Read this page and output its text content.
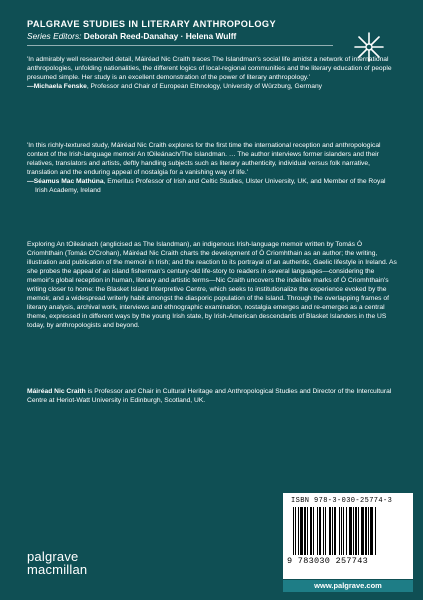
PALGRAVE STUDIES IN LITERARY ANTHROPOLOGY
Series Editors: Deborah Reed-Danahay · Helena Wulff
'In admirably well researched detail, Máiréad Nic Craith traces The Islandman's social life amidst a network of international anthropologies, unfolding nationalities, the different logics of local-regional communities and the literary education of people presumed simple. Her study is an excellent demonstration of the power of literary anthropology.'
—Michaela Fenske, Professor and Chair of European Ethnology, University of Würzburg, Germany
'In this richly-textured study, Máiréad Nic Craith explores for the first time the international reception and anthropological context of the Irish-language memoir An tOileánach/The Islandman. … The author interviews former islanders and their relatives, translators and artists, deftly handling subjects such as literary authenticity, individual versus folk narrative, translation and the enduring appeal of nostalgia for a vanishing way of life.'
—Séamus Mac Mathúna, Emeritus Professor of Irish and Celtic Studies, Ulster University, UK, and Member of the Royal Irish Academy, Ireland
Exploring An tOileánach (anglicised as The Islandman), an indigenous Irish-language memoir written by Tomás Ó Criomhthain (Tomás O'Crohan), Máiréad Nic Craith charts the development of Ó Criomhthain as an author; the writing, illustration and publication of the memoir in Irish; and the reaction to its portrayal of an authentic, Gaelic lifestyle in Ireland. As she probes the appeal of an island fisherman's century-old life-story to readers in several languages—considering the memoir's global reception in human, literary and artistic terms—Nic Craith uncovers the indelible marks of Ó Criomhthain's writing closer to home: the Blasket Island Interpretive Centre, which seeks to institutionalize the experience evoked by the memoir, and a widespread writerly habit amongst the diasporic population of the Island. Through the overlapping frames of literary analysis, archival work, interviews and ethnographic examination, nostalgia emerges and re-emerges as a central theme, expressed in different ways by the young Irish state, by Irish-American descendants of Blasket Islanders in the US today, by anthropologists and beyond.
Máiréad Nic Craith is Professor and Chair in Cultural Heritage and Anthropological Studies and Director of the Intercultural Centre at Heriot-Watt University in Edinburgh, Scotland, UK.
palgrave
macmillan
ISBN 978-3-030-25774-3
9 783030 257743
www.palgrave.com
